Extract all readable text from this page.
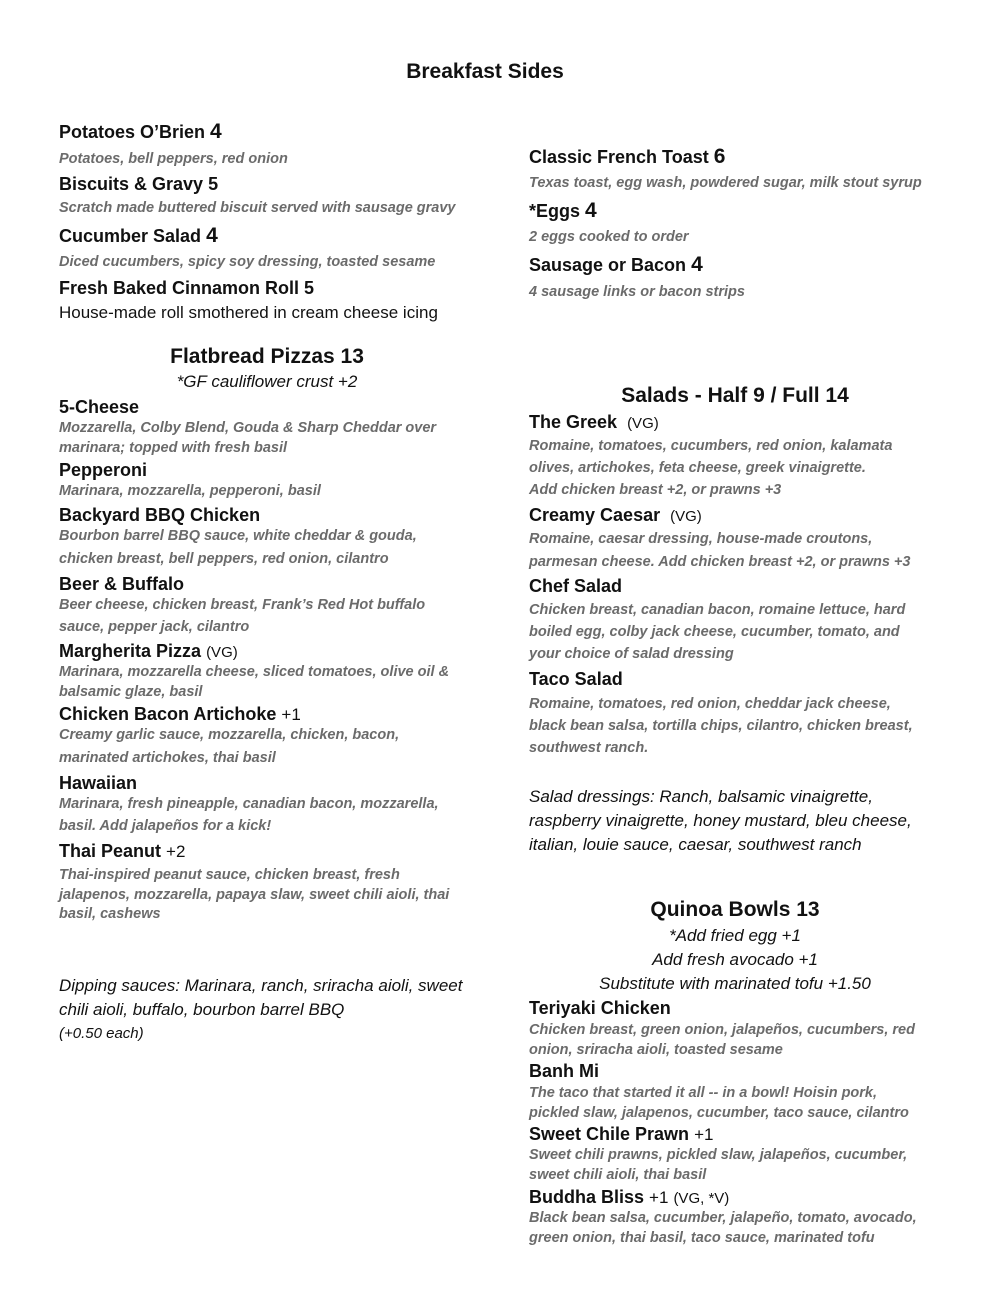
Breakfast Sides
Potatoes O’Brien 4
Potatoes, bell peppers, red onion
Biscuits & Gravy 5
Scratch made buttered biscuit served with sausage gravy
Cucumber Salad 4
Diced cucumbers, spicy soy dressing, toasted sesame
Fresh Baked Cinnamon Roll 5
House-made roll smothered in cream cheese icing
Classic French Toast 6
Texas toast, egg wash, powdered sugar, milk stout syrup
*Eggs 4
2 eggs cooked to order
Sausage or Bacon 4
4 sausage links or bacon strips
Flatbread Pizzas 13
*GF cauliflower crust +2
5-Cheese
Mozzarella, Colby Blend, Gouda & Sharp Cheddar over
marinara; topped with fresh basil
Pepperoni
Marinara, mozzarella, pepperoni, basil
Backyard BBQ Chicken
Bourbon barrel BBQ sauce, white cheddar & gouda,
chicken breast, bell peppers, red onion, cilantro
Beer & Buffalo
Beer cheese, chicken breast, Frank’s Red Hot buffalo
sauce, pepper jack, cilantro
Margherita Pizza (VG)
Marinara, mozzarella cheese, sliced tomatoes, olive oil &
balsamic glaze, basil
Chicken Bacon Artichoke +1
Creamy garlic sauce, mozzarella, chicken, bacon,
marinated artichokes, thai basil
Hawaiian
Marinara, fresh pineapple, canadian bacon, mozzarella,
basil. Add jalapeños for a kick!
Thai Peanut +2
Thai-inspired peanut sauce, chicken breast, fresh
jalapenos, mozzarella, papaya slaw, sweet chili aioli, thai
basil, cashews
Dipping sauces: Marinara, ranch, sriracha aioli, sweet
chili aioli, buffalo, bourbon barrel BBQ
(+0.50 each)
Salads - Half 9 / Full 14
The Greek (VG)
Romaine, tomatoes, cucumbers, red onion, kalamata
olives, artichokes, feta cheese, greek vinaigrette.
Add chicken breast +2, or prawns +3
Creamy Caesar (VG)
Romaine, caesar dressing, house-made croutons,
parmesan cheese. Add chicken breast +2, or prawns +3
Chef Salad
Chicken breast, canadian bacon, romaine lettuce, hard
boiled egg, colby jack cheese, cucumber, tomato, and
your choice of salad dressing
Taco Salad
Romaine, tomatoes, red onion, cheddar jack cheese,
black bean salsa, tortilla chips, cilantro, chicken breast,
southwest ranch.
Salad dressings: Ranch, balsamic vinaigrette,
raspberry vinaigrette, honey mustard, bleu cheese,
italian, louie sauce, caesar, southwest ranch
Quinoa Bowls 13
*Add fried egg +1
Add fresh avocado +1
Substitute with marinated tofu +1.50
Teriyaki Chicken
Chicken breast, green onion, jalapeños, cucumbers, red
onion, sriracha aioli, toasted sesame
Banh Mi
The taco that started it all -- in a bowl! Hoisin pork,
pickled slaw, jalapenos, cucumber, taco sauce, cilantro
Sweet Chile Prawn +1
Sweet chili prawns, pickled slaw, jalapeños, cucumber,
sweet chili aioli, thai basil
Buddha Bliss +1 (VG, *V)
Black bean salsa, cucumber, jalapeño, tomato, avocado,
green onion, thai basil, taco sauce, marinated tofu
